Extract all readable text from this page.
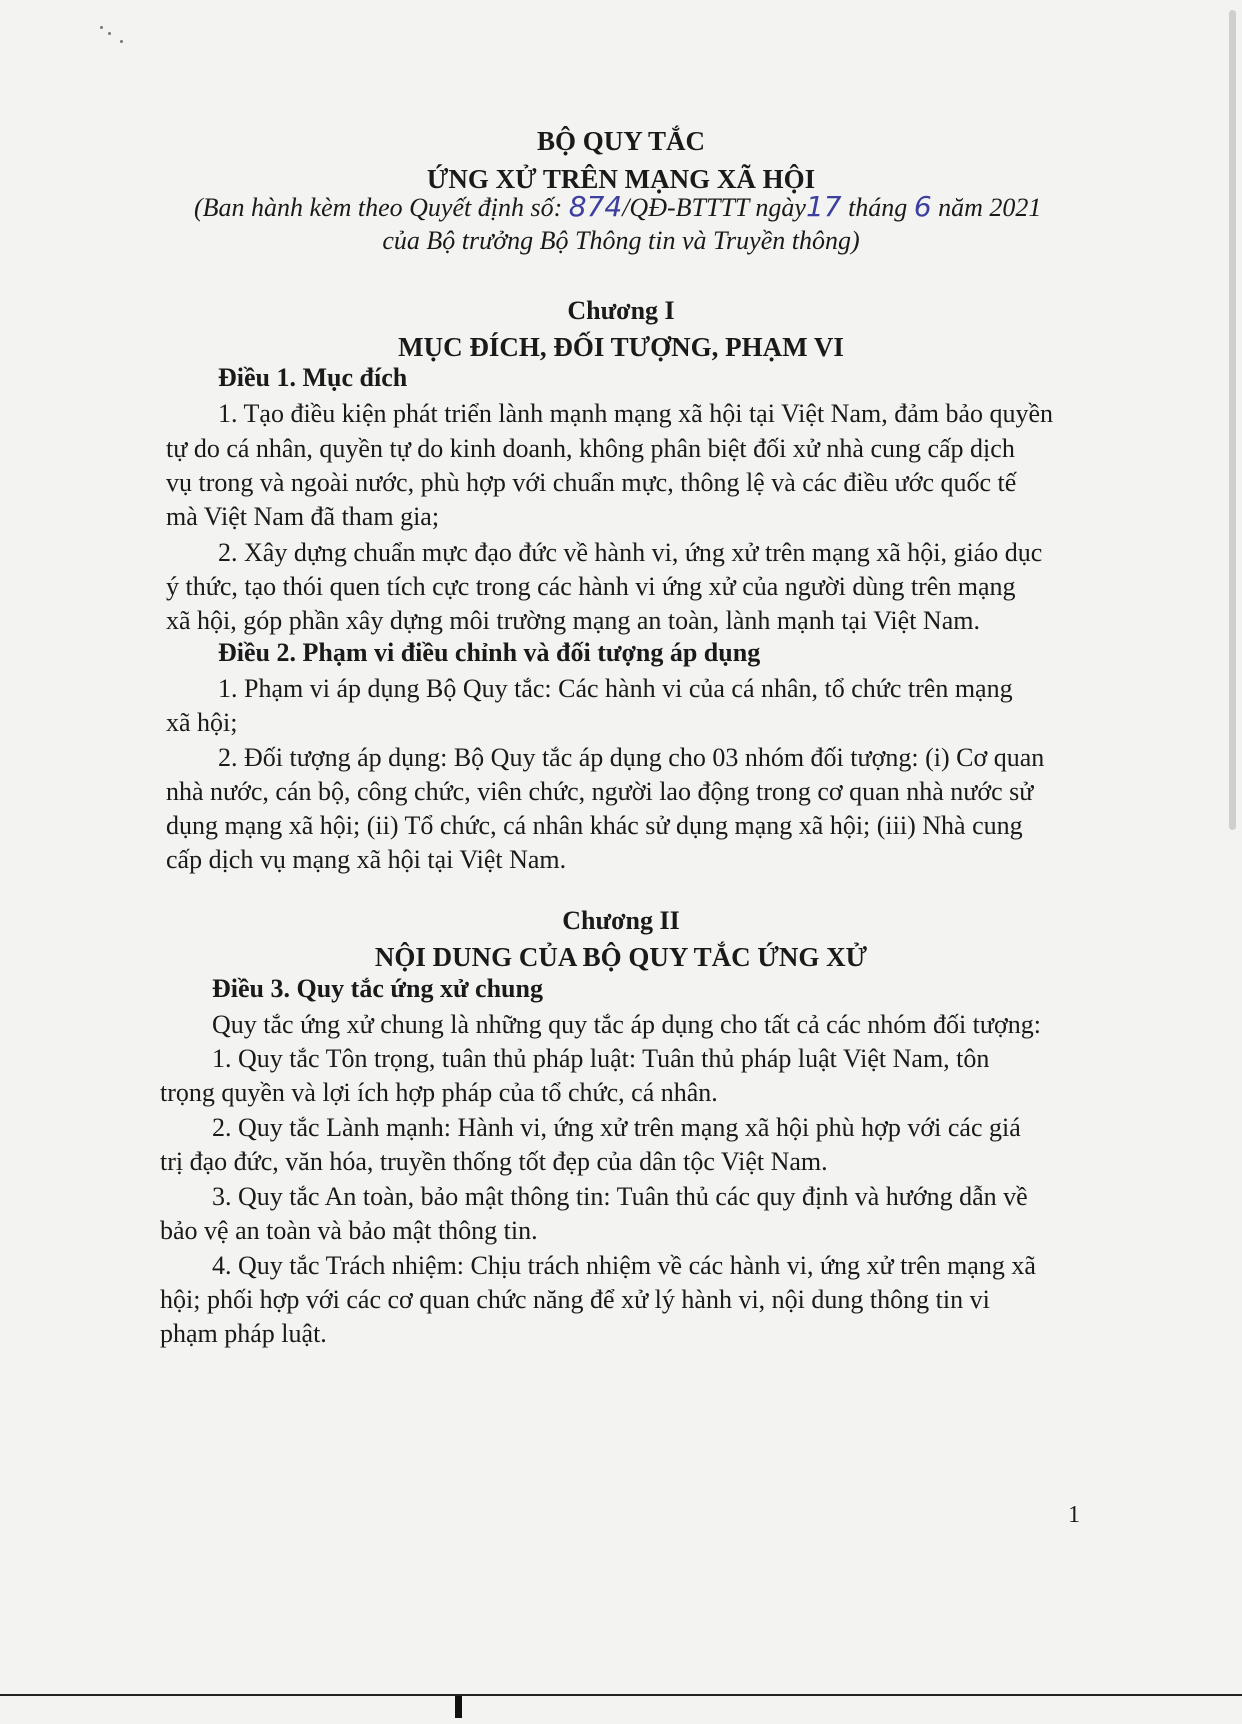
BỘ QUY TẮC
ỨNG XỬ TRÊN MẠNG XÃ HỘI
(Ban hành kèm theo Quyết định số: 874/QĐ-BTTTT ngày17 tháng 6 năm 2021
của Bộ trưởng Bộ Thông tin và Truyền thông)
Chương I
MỤC ĐÍCH, ĐỐI TƯỢNG, PHẠM VI
Điều 1. Mục đích
1. Tạo điều kiện phát triển lành mạnh mạng xã hội tại Việt Nam, đảm bảo quyền
tự do cá nhân, quyền tự do kinh doanh, không phân biệt đối xử nhà cung cấp dịch
vụ trong và ngoài nước, phù hợp với chuẩn mực, thông lệ và các điều ước quốc tế
mà Việt Nam đã tham gia;
2. Xây dựng chuẩn mực đạo đức về hành vi, ứng xử trên mạng xã hội, giáo dục
ý thức, tạo thói quen tích cực trong các hành vi ứng xử của người dùng trên mạng
xã hội, góp phần xây dựng môi trường mạng an toàn, lành mạnh tại Việt Nam.
Điều 2. Phạm vi điều chỉnh và đối tượng áp dụng
1. Phạm vi áp dụng Bộ Quy tắc: Các hành vi của cá nhân, tổ chức trên mạng
xã hội;
2. Đối tượng áp dụng: Bộ Quy tắc áp dụng cho 03 nhóm đối tượng: (i) Cơ quan
nhà nước, cán bộ, công chức, viên chức, người lao động trong cơ quan nhà nước sử
dụng mạng xã hội; (ii) Tổ chức, cá nhân khác sử dụng mạng xã hội; (iii) Nhà cung
cấp dịch vụ mạng xã hội tại Việt Nam.
Chương II
NỘI DUNG CỦA BỘ QUY TẮC ỨNG XỬ
Điều 3. Quy tắc ứng xử chung
Quy tắc ứng xử chung là những quy tắc áp dụng cho tất cả các nhóm đối tượng:
1. Quy tắc Tôn trọng, tuân thủ pháp luật: Tuân thủ pháp luật Việt Nam, tôn
trọng quyền và lợi ích hợp pháp của tổ chức, cá nhân.
2. Quy tắc Lành mạnh: Hành vi, ứng xử trên mạng xã hội phù hợp với các giá
trị đạo đức, văn hóa, truyền thống tốt đẹp của dân tộc Việt Nam.
3. Quy tắc An toàn, bảo mật thông tin: Tuân thủ các quy định và hướng dẫn về
bảo vệ an toàn và bảo mật thông tin.
4. Quy tắc Trách nhiệm: Chịu trách nhiệm về các hành vi, ứng xử trên mạng xã
hội; phối hợp với các cơ quan chức năng để xử lý hành vi, nội dung thông tin vi
phạm pháp luật.
1
